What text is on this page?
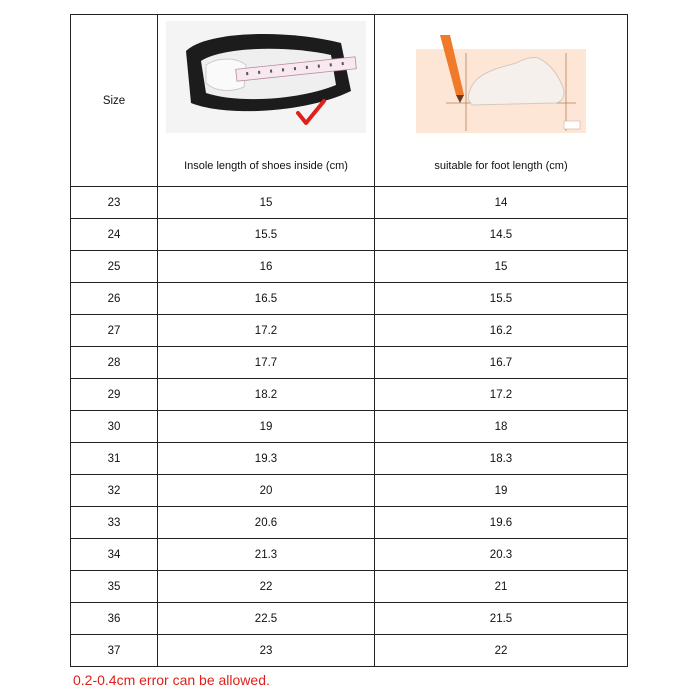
Size	Insole length of shoes inside (cm)	suitable for foot length (cm)

23	15	14
24	15.5	14.5
25	16	15
26	16.5	15.5
27	17.2	16.2
28	17.7	16.7
29	18.2	17.2
30	19	18
31	19.3	18.3
32	20	19
33	20.6	19.6
34	21.3	20.3
35	22	21
36	22.5	21.5
37	23	22
0.2-0.4cm error can be allowed.
